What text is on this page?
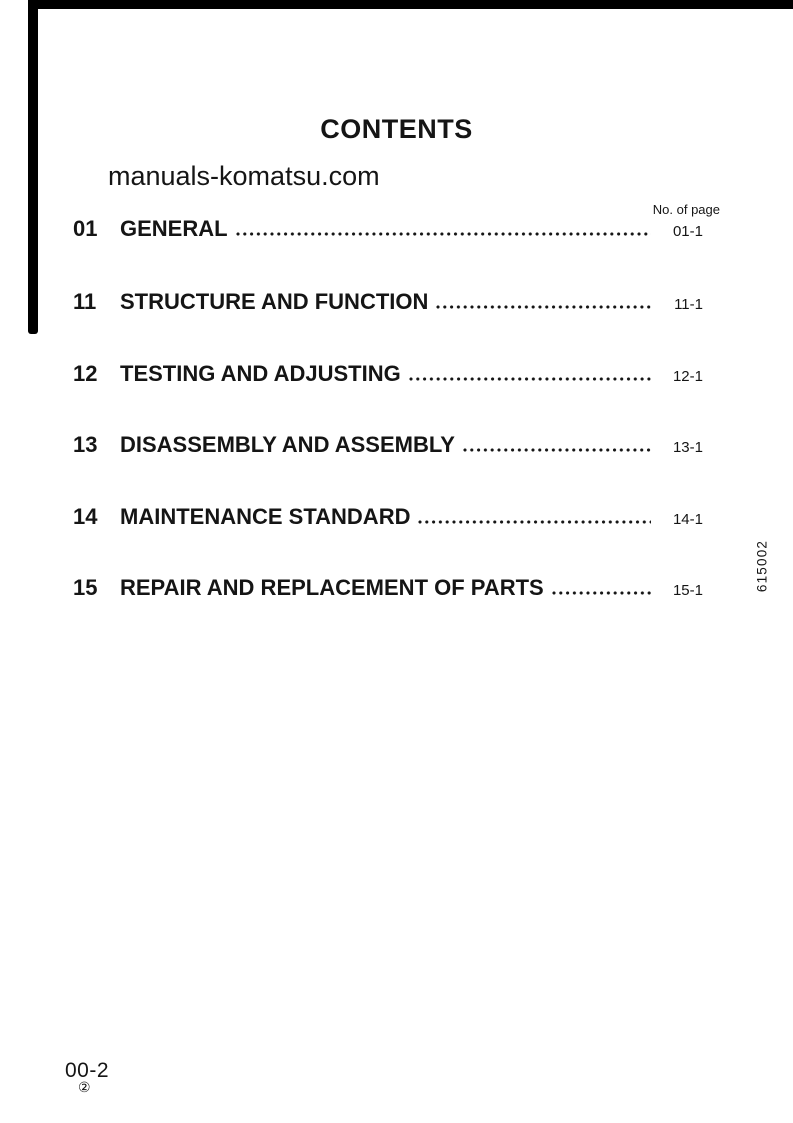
CONTENTS
manuals-komatsu.com
No. of page
01	GENERAL	01-1
11	STRUCTURE AND FUNCTION	11-1
12	TESTING AND ADJUSTING	12-1
13	DISASSEMBLY AND ASSEMBLY	13-1
14	MAINTENANCE STANDARD	14-1
15	REPAIR AND REPLACEMENT OF PARTS	15-1	615002
00-2
②
